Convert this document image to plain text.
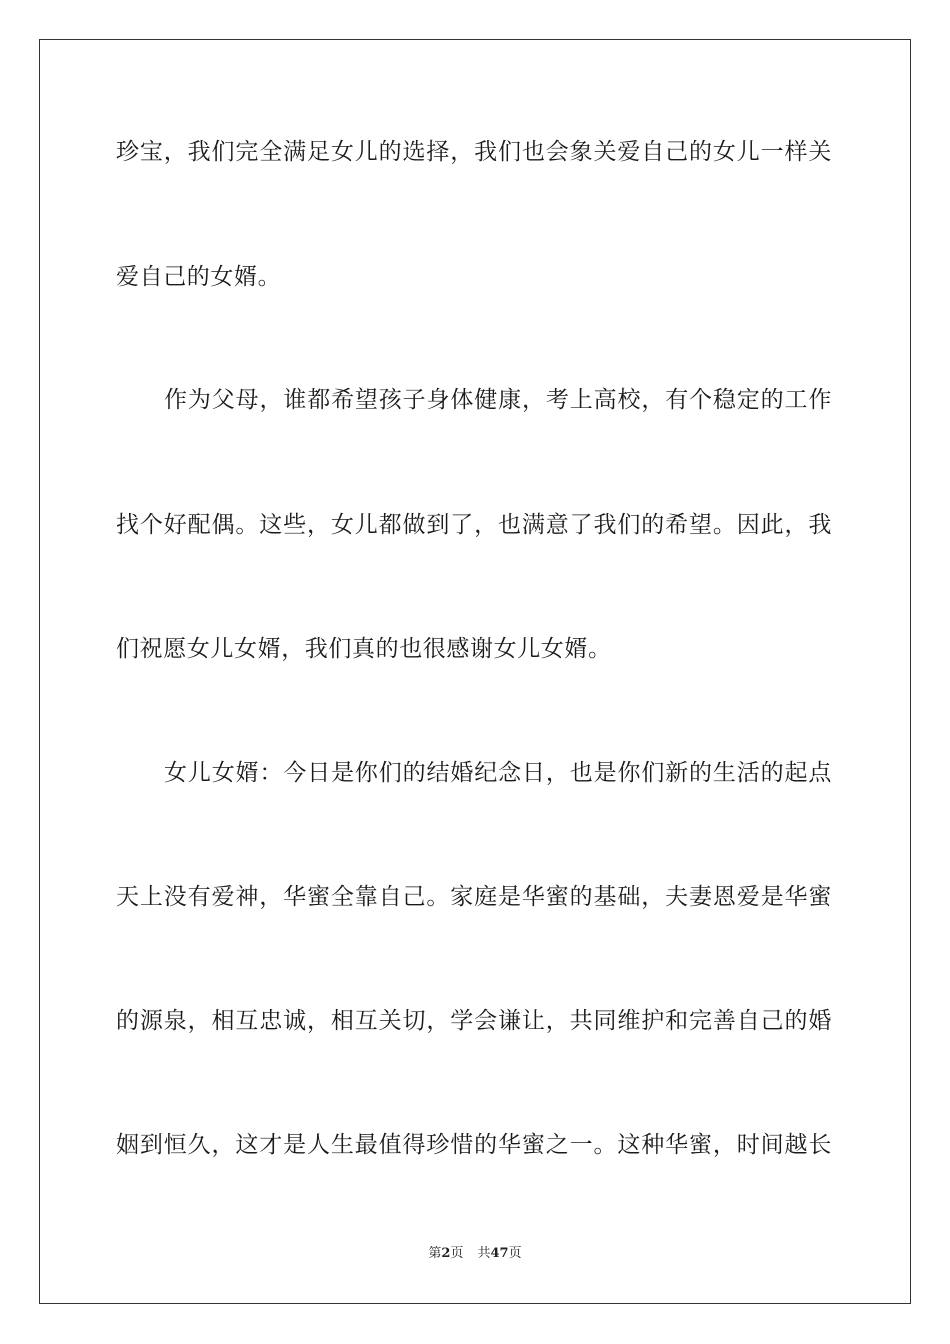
珍宝，我们完全满足女儿的选择，我们也会象关爱自己的女儿一样关
爱自己的女婿。
作为父母，谁都希望孩子身体健康，考上高校，有个稳定的工作
找个好配偶。这些，女儿都做到了，也满意了我们的希望。因此，我
们祝愿女儿女婿，我们真的也很感谢女儿女婿。
女儿女婿：今日是你们的结婚纪念日，也是你们新的生活的起点
天上没有爱神，华蜜全靠自己。家庭是华蜜的基础，夫妻恩爱是华蜜
的源泉，相互忠诚，相互关切，学会谦让，共同维护和完善自己的婚
姻到恒久，这才是人生最值得珍惜的华蜜之一。这种华蜜，时间越长
第2页 共47页
